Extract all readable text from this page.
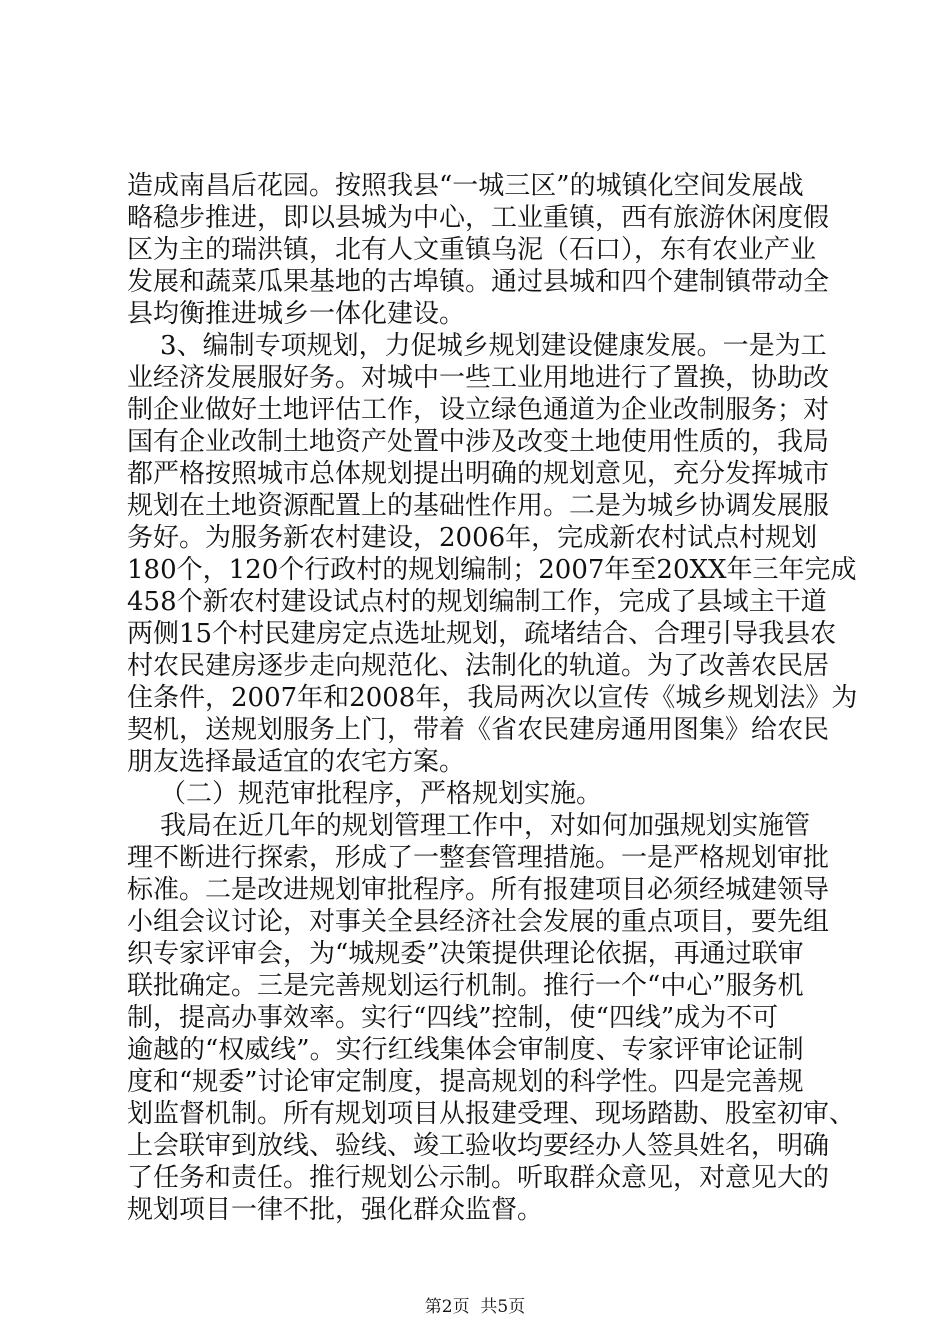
造成南昌后花园。按照我县“一城三区”的城镇化空间发展战
略稳步推进，即以县城为中心，工业重镇，西有旅游休闲度假
区为主的瑞洪镇，北有人文重镇乌泥（石口），东有农业产业
发展和蔬菜瓜果基地的古埠镇。通过县城和四个建制镇带动全
县均衡推进城乡一体化建设。
3、编制专项规划，力促城乡规划建设健康发展。一是为工
业经济发展服好务。对城中一些工业用地进行了置换，协助改
制企业做好土地评估工作，设立绿色通道为企业改制服务；对
国有企业改制土地资产处置中涉及改变土地使用性质的，我局
都严格按照城市总体规划提出明确的规划意见，充分发挥城市
规划在土地资源配置上的基础性作用。二是为城乡协调发展服
务好。为服务新农村建设，2006年，完成新农村试点村规划
180个，120个行政村的规划编制；2007年至20XX年三年完成
458个新农村建设试点村的规划编制工作，完成了县域主干道
两侧15个村民建房定点选址规划，疏堵结合、合理引导我县农
村农民建房逐步走向规范化、法制化的轨道。为了改善农民居
住条件，2007年和2008年，我局两次以宣传《城乡规划法》为
契机，送规划服务上门，带着《省农民建房通用图集》给农民
朋友选择最适宜的农宅方案。
（二）规范审批程序，严格规划实施。
我局在近几年的规划管理工作中，对如何加强规划实施管
理不断进行探索，形成了一整套管理措施。一是严格规划审批
标准。二是改进规划审批程序。所有报建项目必须经城建领导
小组会议讨论，对事关全县经济社会发展的重点项目，要先组
织专家评审会，为“城规委”决策提供理论依据，再通过联审
联批确定。三是完善规划运行机制。推行一个“中心”服务机
制，提高办事效率。实行“四线”控制，使“四线”成为不可
逾越的“权威线”。实行红线集体会审制度、专家评审论证制
度和“规委”讨论审定制度，提高规划的科学性。四是完善规
划监督机制。所有规划项目从报建受理、现场踏勘、股室初审、
上会联审到放线、验线、竣工验收均要经办人签具姓名，明确
了任务和责任。推行规划公示制。听取群众意见，对意见大的
规划项目一律不批，强化群众监督。
第2页  共5页
